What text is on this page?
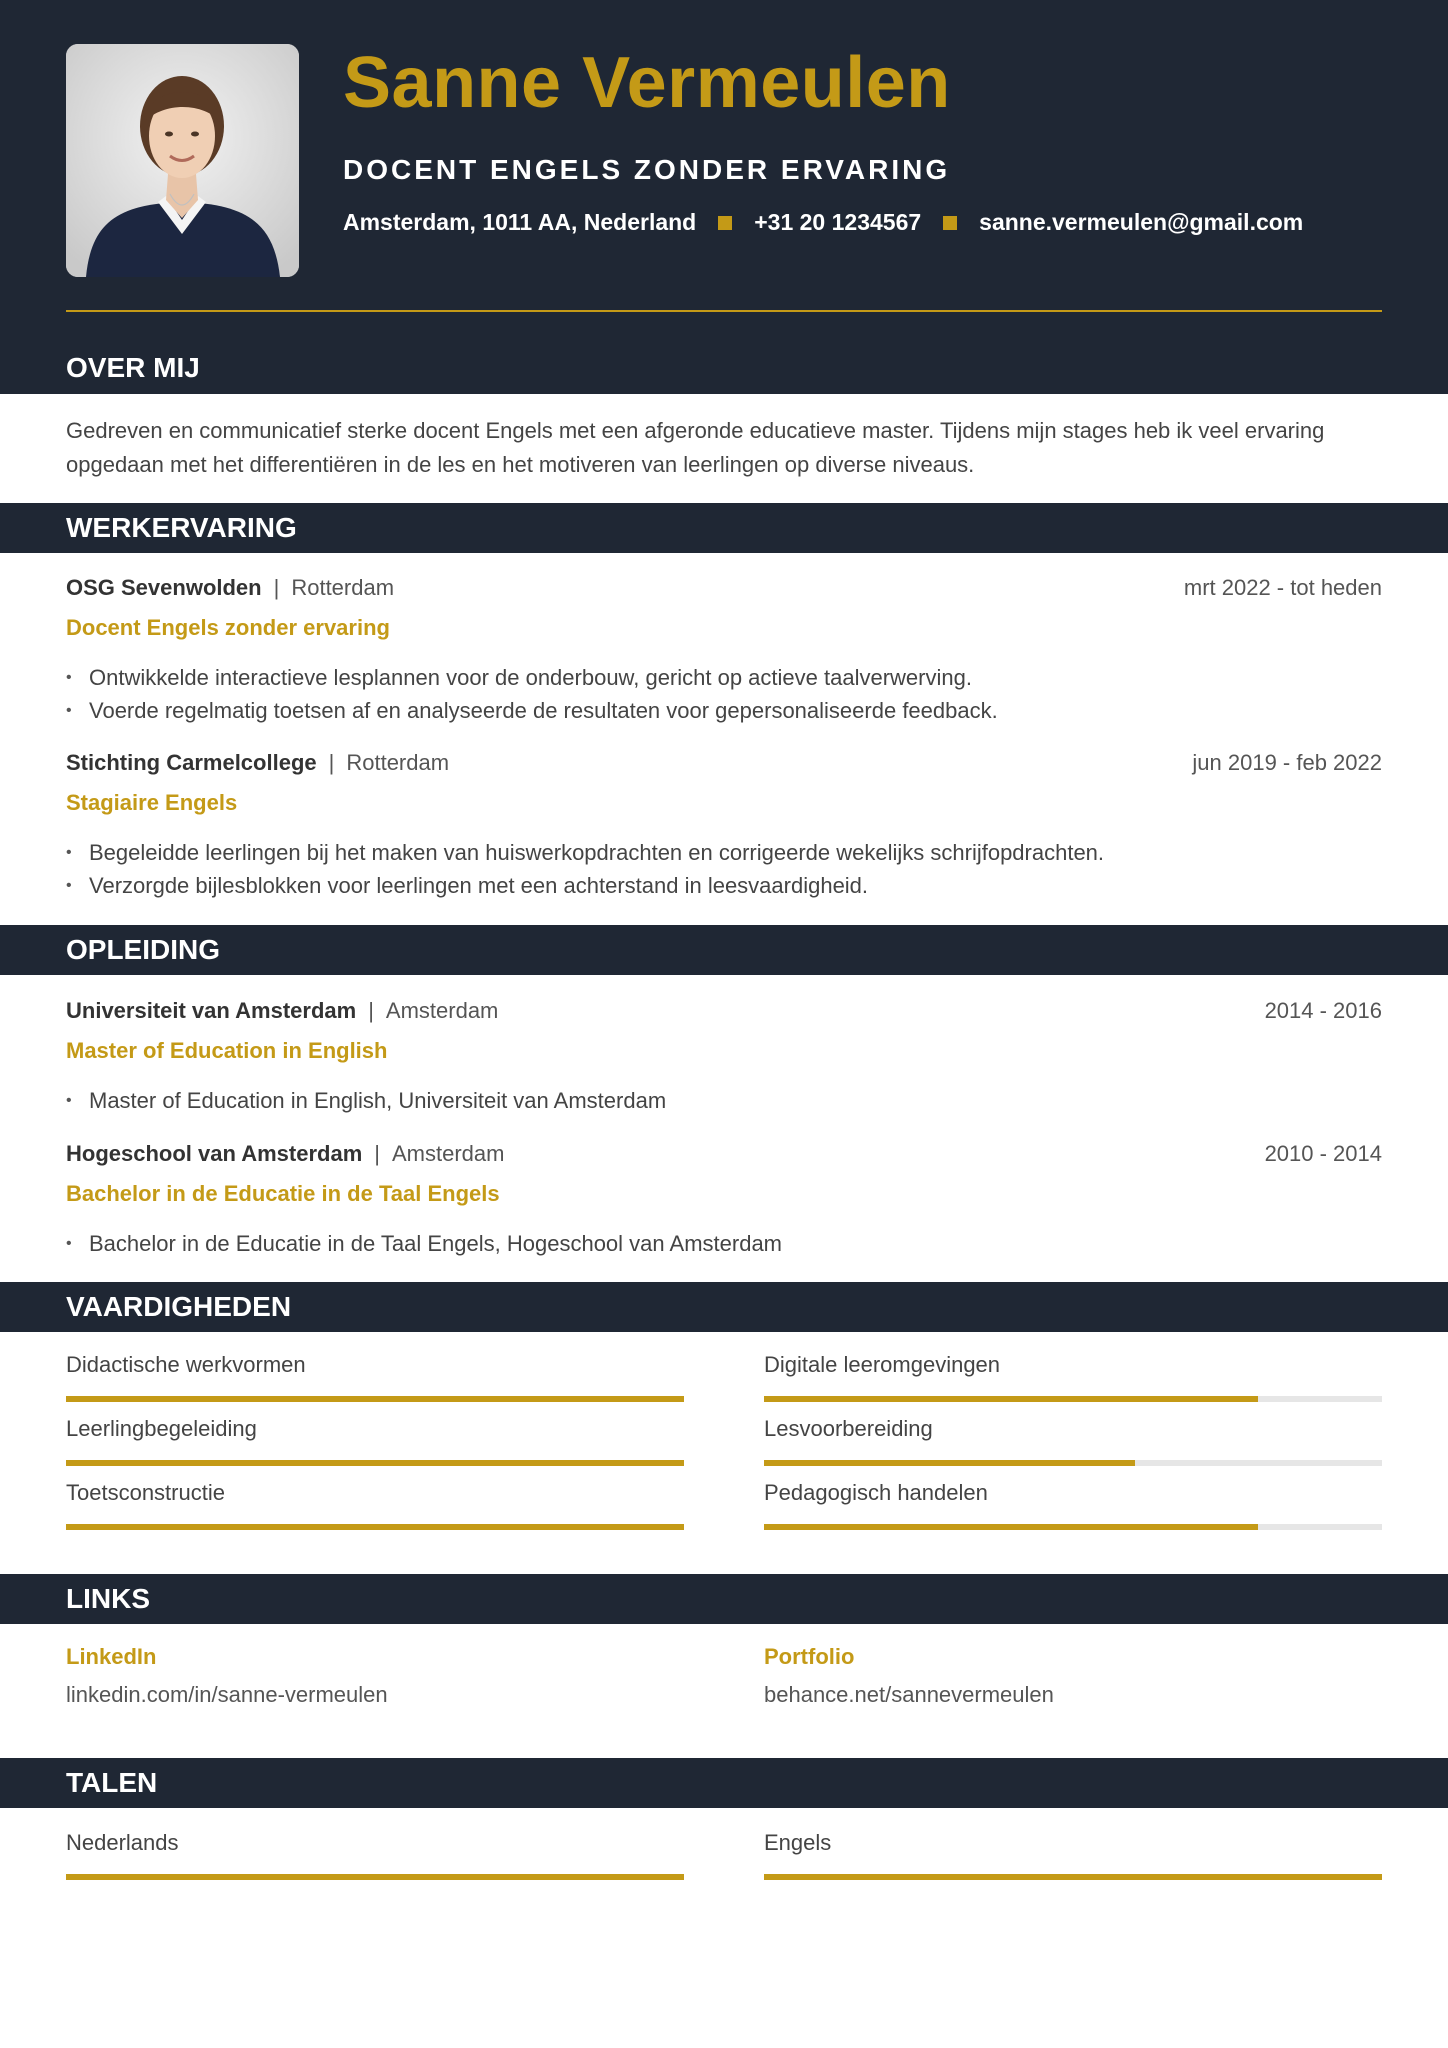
Sanne Vermeulen
DOCENT ENGELS ZONDER ERVARING
Amsterdam, 1011 AA, Nederland	+31 20 1234567	sanne.vermeulen@gmail.com
OVER MIJ
Gedreven en communicatief sterke docent Engels met een afgeronde educatieve master. Tijdens mijn stages heb ik veel ervaring opgedaan met het differentiëren in de les en het motiveren van leerlingen op diverse niveaus.
WERKERVARING
OSG Sevenwolden | Rotterdam	mrt 2022 - tot heden
Docent Engels zonder ervaring
• Ontwikkelde interactieve lesplannen voor de onderbouw, gericht op actieve taalverwerving.
• Voerde regelmatig toetsen af en analyseerde de resultaten voor gepersonaliseerde feedback.
Stichting Carmelcollege | Rotterdam	jun 2019 - feb 2022
Stagiaire Engels
• Begeleidde leerlingen bij het maken van huiswerkopdrachten en corrigeerde wekelijks schrijfopdrachten.
• Verzorgde bijlesblokken voor leerlingen met een achterstand in leesvaardigheid.
OPLEIDING
Universiteit van Amsterdam | Amsterdam	2014 - 2016
Master of Education in English
• Master of Education in English, Universiteit van Amsterdam
Hogeschool van Amsterdam | Amsterdam	2010 - 2014
Bachelor in de Educatie in de Taal Engels
• Bachelor in de Educatie in de Taal Engels, Hogeschool van Amsterdam
VAARDIGHEDEN
Didactische werkvormen	Digitale leeromgevingen
Leerlingbegeleiding	Lesvoorbereiding
Toetsconstructie	Pedagogisch handelen
LINKS
LinkedIn
linkedin.com/in/sanne-vermeulen
Portfolio
behance.net/sannevermeulen
TALEN
Nederlands	Engels
